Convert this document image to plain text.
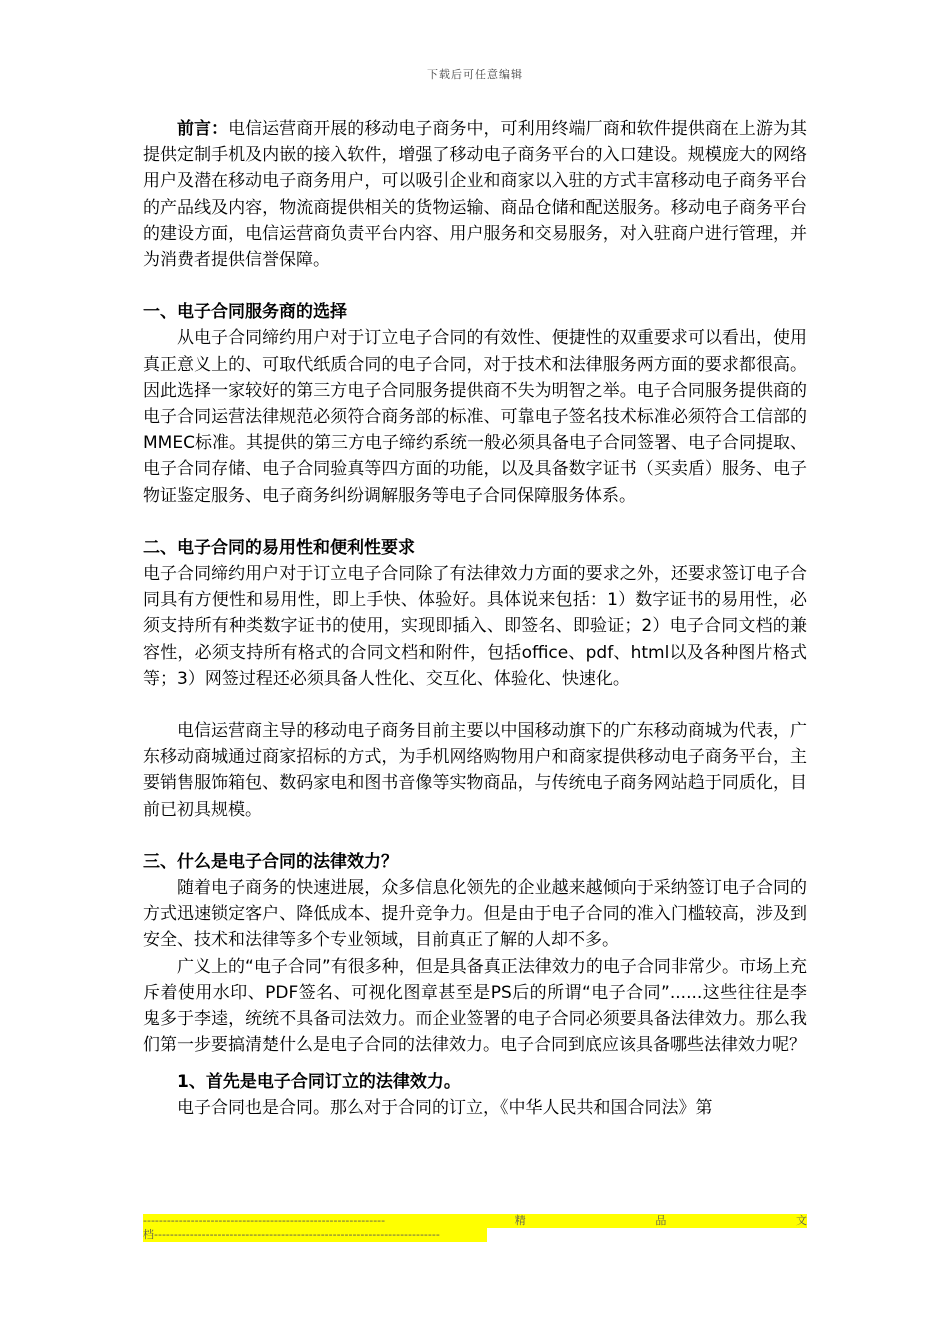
下载后可任意编辑

前言：电信运营商开展的移动电子商务中，可利用终端厂商和软件提供商在上游为其提供定制手机及内嵌的接入软件，增强了移动电子商务平台的入口建设。规模庞大的网络用户及潜在移动电子商务用户，可以吸引企业和商家以入驻的方式丰富移动电子商务平台的产品线及内容，物流商提供相关的货物运输、商品仓储和配送服务。移动电子商务平台的建设方面，电信运营商负责平台内容、用户服务和交易服务，对入驻商户进行管理，并为消费者提供信誉保障。

一、电子合同服务商的选择

从电子合同缔约用户对于订立电子合同的有效性、便捷性的双重要求可以看出，使用真正意义上的、可取代纸质合同的电子合同，对于技术和法律服务两方面的要求都很高。因此选择一家较好的第三方电子合同服务提供商不失为明智之举。电子合同服务提供商的电子合同运营法律规范必须符合商务部的标准、可靠电子签名技术标准必须符合工信部的MMEC标准。其提供的第三方电子缔约系统一般必须具备电子合同签署、电子合同提取、电子合同存储、电子合同验真等四方面的功能，以及具备数字证书（买卖盾）服务、电子物证鉴定服务、电子商务纠纷调解服务等电子合同保障服务体系。

二、电子合同的易用性和便利性要求

电子合同缔约用户对于订立电子合同除了有法律效力方面的要求之外，还要求签订电子合同具有方便性和易用性，即上手快、体验好。具体说来包括：1）数字证书的易用性，必须支持所有种类数字证书的使用，实现即插入、即签名、即验证；2）电子合同文档的兼容性，必须支持所有格式的合同文档和附件，包括office、pdf、html以及各种图片格式等；3）网签过程还必须具备人性化、交互化、体验化、快速化。

电信运营商主导的移动电子商务目前主要以中国移动旗下的广东移动商城为代表，广东移动商城通过商家招标的方式，为手机网络购物用户和商家提供移动电子商务平台，主要销售服饰箱包、数码家电和图书音像等实物商品，与传统电子商务网站趋于同质化，目前已初具规模。

三、什么是电子合同的法律效力？

随着电子商务的快速进展，众多信息化领先的企业越来越倾向于采纳签订电子合同的方式迅速锁定客户、降低成本、提升竞争力。但是由于电子合同的准入门槛较高，涉及到安全、技术和法律等多个专业领域，目前真正了解的人却不多。

广义上的“电子合同”有很多种，但是具备真正法律效力的电子合同非常少。市场上充斥着使用水印、PDF签名、可视化图章甚至是PS后的所谓“电子合同”......这些往往是李鬼多于李逵，统统不具备司法效力。而企业签署的电子合同必须要具备法律效力。那么我们第一步要搞清楚什么是电子合同的法律效力。电子合同到底应该具备哪些法律效力呢？

1、首先是电子合同订立的法律效力。

电子合同也是合同。那么对于合同的订立，《中华人民共和国合同法》第

-------------------------------------------------------------	精	品	文
档------------------------------------------------------------------------
